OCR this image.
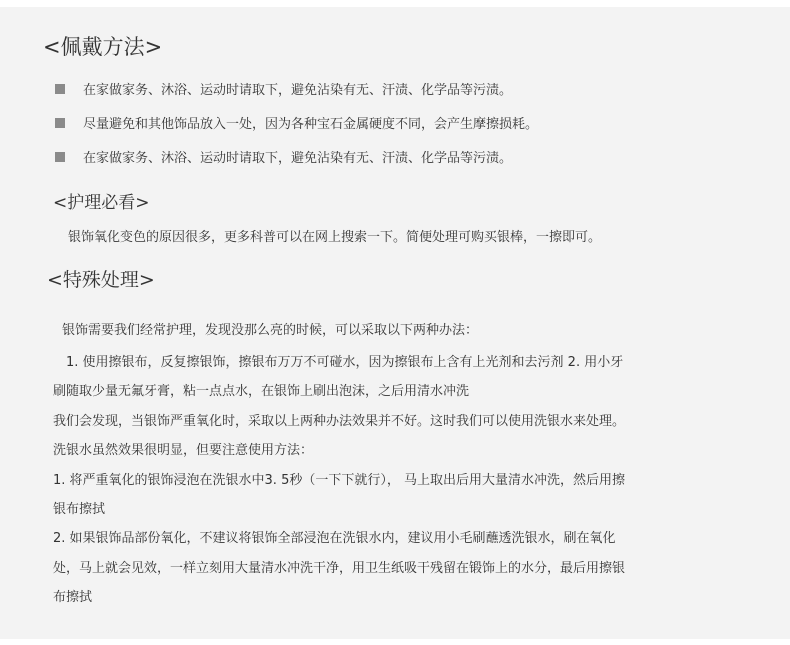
<佩戴方法>
在家做家务、沐浴、运动时请取下，避免沾染有无、汗渍、化学品等污渍。
尽量避免和其他饰品放入一处，因为各种宝石金属硬度不同，会产生摩擦损耗。
在家做家务、沐浴、运动时请取下，避免沾染有无、汗渍、化学品等污渍。
<护理必看>

银饰氧化变色的原因很多，更多科普可以在网上搜索一下。简便处理可购买银棒，一擦即可。

<特殊处理>

银饰需要我们经常护理，发现没那么亮的时候，可以采取以下两种办法：

　1. 使用擦银布，反复擦银饰，擦银布万万不可碰水，因为擦银布上含有上光剂和去污剂 2. 用小牙

刷随取少量无氟牙膏，粘一点点水，在银饰上刷出泡沫，之后用清水冲洗

我们会发现，当银饰严重氧化时，采取以上两种办法效果并不好。这时我们可以使用洗银水来处理。

洗银水虽然效果很明显，但要注意使用方法：

1. 将严重氧化的银饰浸泡在洗银水中3. 5秒（一下下就行）， 马上取出后用大量清水冲洗，然后用擦

银布擦拭

2. 如果银饰品部份氧化，不建议将银饰全部浸泡在洗银水内，建议用小毛刷蘸透洗银水，刷在氧化

处，马上就会见效，一样立刻用大量清水冲洗干净，用卫生纸吸干残留在锻饰上的水分，最后用擦银

布擦拭
